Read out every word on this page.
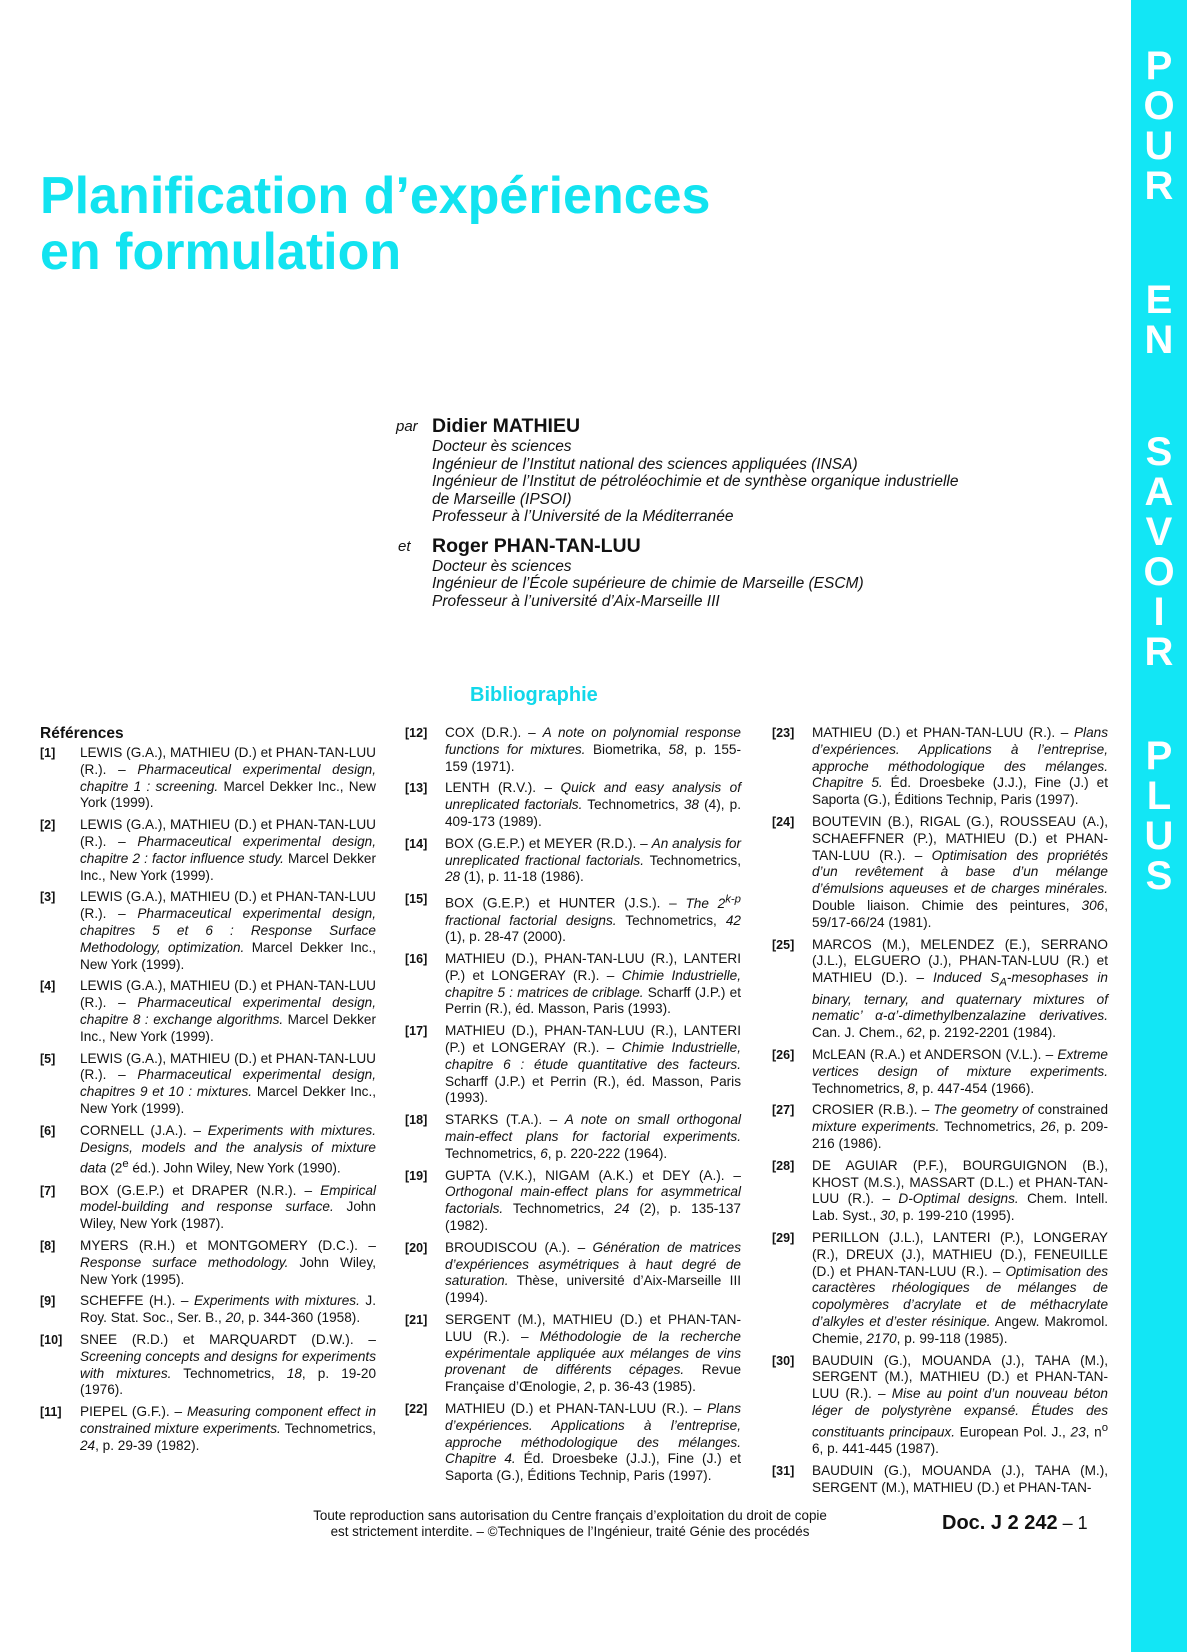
P
O
U
R
E
N
S
A
V
O
I
R
P
L
U
S
Planification d’expériences
en formulation
par Didier MATHIEU
Docteur ès sciences
Ingénieur de l’Institut national des sciences appliquées (INSA)
Ingénieur de l’Institut de pétroléochimie et de synthèse organique industrielle
de Marseille (IPSOI)
Professeur à l’Université de la Méditerranée
et Roger PHAN-TAN-LUU
Docteur ès sciences
Ingénieur de l’École supérieure de chimie de Marseille (ESCM)
Professeur à l’université d’Aix-Marseille III
Bibliographie
Références
[1] LEWIS (G.A.), MATHIEU (D.) et PHAN-TAN-LUU (R.). – Pharmaceutical experimental design, chapitre 1 : screening. Marcel Dekker Inc., New York (1999).
[2] LEWIS (G.A.), MATHIEU (D.) et PHAN-TAN-LUU (R.). – Pharmaceutical experimental design, chapitre 2 : factor influence study. Marcel Dekker Inc., New York (1999).
[3] LEWIS (G.A.), MATHIEU (D.) et PHAN-TAN-LUU (R.). – Pharmaceutical experimental design, chapitres 5 et 6 : Response Surface Methodology, optimization. Marcel Dekker Inc., New York (1999).
[4] LEWIS (G.A.), MATHIEU (D.) et PHAN-TAN-LUU (R.). – Pharmaceutical experimental design, chapitre 8 : exchange algorithms. Marcel Dekker Inc., New York (1999).
[5] LEWIS (G.A.), MATHIEU (D.) et PHAN-TAN-LUU (R.). – Pharmaceutical experimental design, chapitres 9 et 10 : mixtures. Marcel Dekker Inc., New York (1999).
[6] CORNELL (J.A.). – Experiments with mixtures. Designs, models and the analysis of mixture data (2e éd.). John Wiley, New York (1990).
[7] BOX (G.E.P.) et DRAPER (N.R.). – Empirical model-building and response surface. John Wiley, New York (1987).
[8] MYERS (R.H.) et MONTGOMERY (D.C.). – Response surface methodology. John Wiley, New York (1995).
[9] SCHEFFE (H.). – Experiments with mixtures. J. Roy. Stat. Soc., Ser. B., 20, p. 344-360 (1958).
[10] SNEE (R.D.) et MARQUARDT (D.W.). – Screening concepts and designs for experiments with mixtures. Technometrics, 18, p. 19-20 (1976).
[11] PIEPEL (G.F.). – Measuring component effect in constrained mixture experiments. Technometrics, 24, p. 29-39 (1982).
[12] COX (D.R.). – A note on polynomial response functions for mixtures. Biometrika, 58, p. 155-159 (1971).
[13] LENTH (R.V.). – Quick and easy analysis of unreplicated factorials. Technometrics, 38 (4), p. 409-173 (1989).
[14] BOX (G.E.P.) et MEYER (R.D.). – An analysis for unreplicated fractional factorials. Technometrics, 28 (1), p. 11-18 (1986).
[15] BOX (G.E.P.) et HUNTER (J.S.). – The 2$^{k-p}$ fractional factorial designs. Technometrics, 42 (1), p. 28-47 (2000).
[16] MATHIEU (D.), PHAN-TAN-LUU (R.), LANTERI (P.) et LONGERAY (R.). – Chimie Industrielle, chapitre 5 : matrices de criblage. Scharff (J.P.) et Perrin (R.), éd. Masson, Paris (1993).
[17] MATHIEU (D.), PHAN-TAN-LUU (R.), LANTERI (P.) et LONGERAY (R.). – Chimie Industrielle, chapitre 6 : étude quantitative des facteurs. Scharff (J.P.) et Perrin (R.), éd. Masson, Paris (1993).
[18] STARKS (T.A.). – A note on small orthogonal main-effect plans for factorial experiments. Technometrics, 6, p. 220-222 (1964).
[19] GUPTA (V.K.), NIGAM (A.K.) et DEY (A.). – Orthogonal main-effect plans for asymmetrical factorials. Technometrics, 24 (2), p. 135-137 (1982).
[20] BROUDISCOU (A.). – Génération de matrices d’expériences asymétriques à haut degré de saturation. Thèse, université d’Aix-Marseille III (1994).
[21] SERGENT (M.), MATHIEU (D.) et PHAN-TAN-LUU (R.). – Méthodologie de la recherche expérimentale appliquée aux mélanges de vins provenant de différents cépages. Revue Française d’Œnologie, 2, p. 36-43 (1985).
[22] MATHIEU (D.) et PHAN-TAN-LUU (R.). – Plans d’expériences. Applications à l’entreprise, approche méthodologique des mélanges. Chapitre 4. Éd. Droesbeke (J.J.), Fine (J.) et Saporta (G.), Éditions Technip, Paris (1997).
[23] MATHIEU (D.) et PHAN-TAN-LUU (R.). – Plans d’expériences. Applications à l’entreprise, approche méthodologique des mélanges. Chapitre 5. Éd. Droesbeke (J.J.), Fine (J.) et Saporta (G.), Éditions Technip, Paris (1997).
[24] BOUTEVIN (B.), RIGAL (G.), ROUSSEAU (A.), SCHAEFFNER (P.), MATHIEU (D.) et PHAN-TAN-LUU (R.). – Optimisation des propriétés d’un revêtement à base d’un mélange d’émulsions aqueuses et de charges minérales. Double liaison. Chimie des peintures, 306, 59/17-66/24 (1981).
[25] MARCOS (M.), MELENDEZ (E.), SERRANO (J.L.), ELGUERO (J.), PHAN-TAN-LUU (R.) et MATHIEU (D.). – Induced $S_A$-mesophases in binary, ternary, and quaternary mixtures of nematic’ α-α’-dimethylbenzalazine derivatives. Can. J. Chem., 62, p. 2192-2201 (1984).
[26] McLEAN (R.A.) et ANDERSON (V.L.). – Extreme vertices design of mixture experiments. Technometrics, 8, p. 447-454 (1966).
[27] CROSIER (R.B.). – The geometry of constrained mixture experiments. Technometrics, 26, p. 209-216 (1986).
[28] DE AGUIAR (P.F.), BOURGUIGNON (B.), KHOST (M.S.), MASSART (D.L.) et PHAN-TAN-LUU (R.). – D-Optimal designs. Chem. Intell. Lab. Syst., 30, p. 199-210 (1995).
[29] PERILLON (J.L.), LANTERI (P.), LONGERAY (R.), DREUX (J.), MATHIEU (D.), FENEUILLE (D.) et PHAN-TAN-LUU (R.). – Optimisation des caractères rhéologiques de mélanges de copolymères d’acrylate et de méthacrylate d’alkyles et d’ester résinique. Angew. Makromol. Chemie, 2170, p. 99-118 (1985).
[30] BAUDUIN (G.), MOUANDA (J.), TAHA (M.), SERGENT (M.), MATHIEU (D.) et PHAN-TAN-LUU (R.). – Mise au point d’un nouveau béton léger de polystyrène expansé. Études des constituants principaux. European Pol. J., 23, $n^o$ 6, p. 441-445 (1987).
[31] BAUDUIN (G.), MOUANDA (J.), TAHA (M.), SERGENT (M.), MATHIEU (D.) et PHAN-TAN-
Toute reproduction sans autorisation du Centre français d’exploitation du droit de copie
est strictement interdite. – ©Techniques de l’Ingénieur, traité Génie des procédés	Doc. J 2 242 – 1
